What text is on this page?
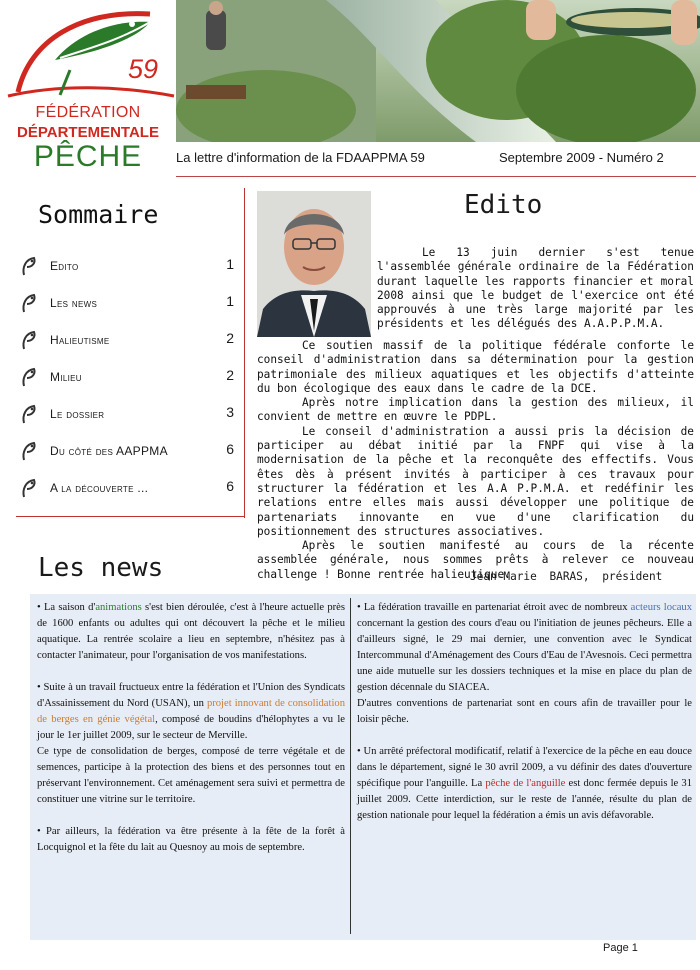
59
FÉDÉRATION
DÉPARTEMENTALE
PÊCHE	La lettre d'information de la FDAAPPMA 59	Septembre 2009 - Numéro 2
Sommaire
Edito	1
Les news	1
Halieutisme	2
Milieu	2
Le dossier	3
Du côté des AAPPMA	6
A la découverte ...	6
Edito

Le 13 juin dernier s'est tenue l'assemblée générale ordinaire de la Fédération durant laquelle les rapports financier et moral 2008 ainsi que le budget de l'exercice ont été approuvés à une très large majorité par les présidents et les délégués des A.A.P.P.M.A.

Ce soutien massif de la politique fédérale conforte le conseil d'administration dans sa détermination pour la gestion patrimoniale des milieux aquatiques et les objectifs d'atteinte du bon écologique des eaux dans le cadre de la DCE.

Après notre implication dans la gestion des milieux, il convient de mettre en œuvre le PDPL.

Le conseil d'administration a aussi pris la décision de participer au débat initié par la FNPF qui vise à la modernisation de la pêche et la reconquête des effectifs. Vous êtes dès à présent invités à participer à ces travaux pour structurer la fédération et les A.A P.P.M.A. et redéfinir les relations entre elles mais aussi développer une politique de partenariats innovante en vue d'une clarification du positionnement des structures associatives.

Après le soutien manifesté au cours de la récente assemblée générale, nous sommes prêts à relever ce nouveau challenge ! Bonne rentrée halieutique.

Jean-Marie BARAS, président
Les news

• La saison d'animations s'est bien déroulée, c'est à l'heure actuelle près de 1600 enfants ou adultes qui ont découvert la pêche et le milieu aquatique. La rentrée scolaire a lieu en septembre, n'hésitez pas à contacter l'animateur, pour l'organisation de vos manifestations.

• Suite à un travail fructueux entre la fédération et l'Union des Syndicats d'Assainissement du Nord (USAN), un projet innovant de consolidation de berges en génie végétal, composé de boudins d'hélophytes a vu le jour le 1er juillet 2009, sur le secteur de Merville.

Ce type de consolidation de berges, composé de terre végétale et de semences, participe à la protection des biens et des personnes tout en préservant l'environnement. Cet aménagement sera suivi et permettra de constituer une vitrine sur le territoire.

• Par ailleurs, la fédération va être présente à la fête de la forêt à Locquignol et la fête du lait au Quesnoy au mois de septembre.

• La fédération travaille en partenariat étroit avec de nombreux acteurs locaux concernant la gestion des cours d'eau ou l'initiation de jeunes pêcheurs. Elle a d'ailleurs signé, le 29 mai dernier, une convention avec le Syndicat Intercommunal d'Aménagement des Cours d'Eau de l'Avesnois. Ceci permettra une aide mutuelle sur les dossiers techniques et la mise en place du plan de gestion décennale du SIACEA.

D'autres conventions de partenariat sont en cours afin de travailler pour le loisir pêche.

• Un arrêté préfectoral modificatif, relatif à l'exercice de la pêche en eau douce dans le département, signé le 30 avril 2009, a vu définir des dates d'ouverture spécifique pour l'anguille. La pêche de l'anguille est donc fermée depuis le 31 juillet 2009. Cette interdiction, sur le reste de l'année, résulte du plan de gestion nationale pour lequel la fédération a émis un avis défavorable.

Page 1
